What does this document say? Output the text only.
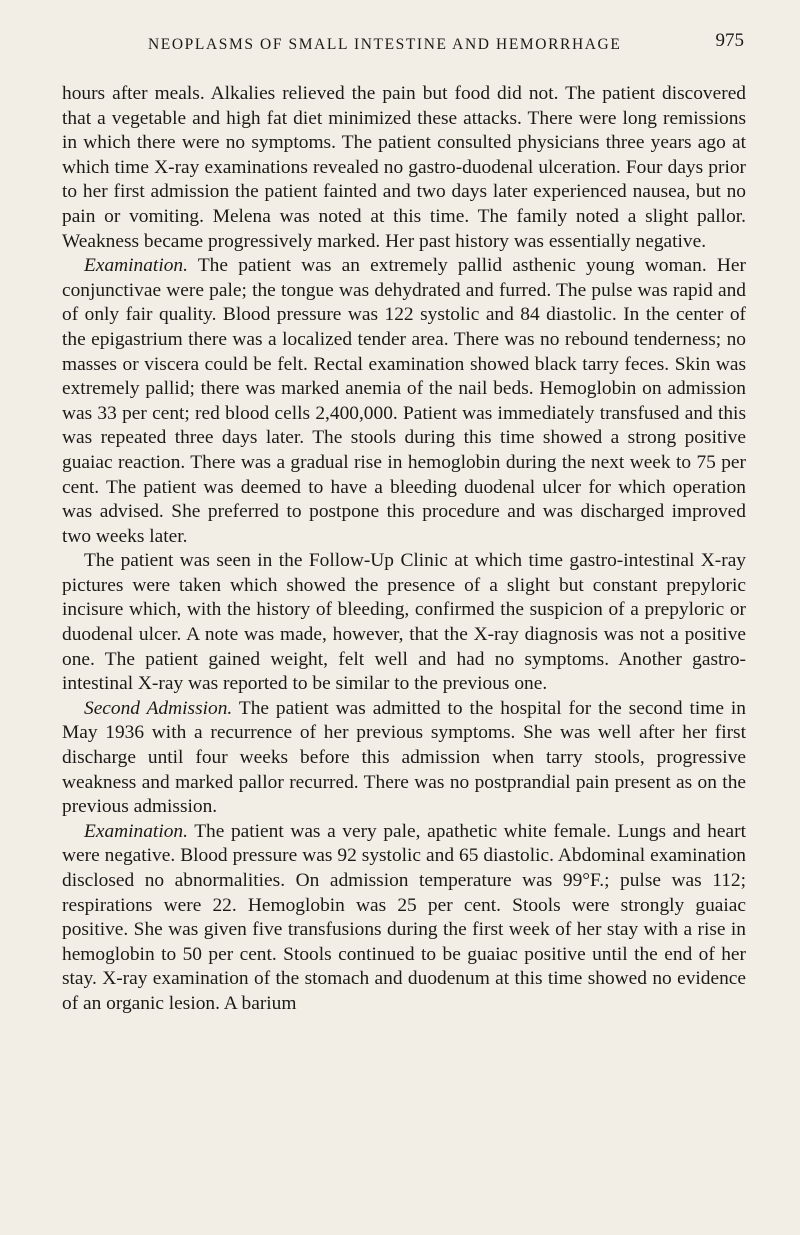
NEOPLASMS OF SMALL INTESTINE AND HEMORRHAGE	975

hours after meals. Alkalies relieved the pain but food did not. The patient discovered that a vegetable and high fat diet minimized these attacks. There were long remissions in which there were no symptoms. The patient consulted physicians three years ago at which time X-ray examinations revealed no gastro-duodenal ulceration. Four days prior to her first admission the patient fainted and two days later experienced nausea, but no pain or vomiting. Melena was noted at this time. The family noted a slight pallor. Weakness became progressively marked. Her past history was essentially negative.

Examination. The patient was an extremely pallid asthenic young woman. Her conjunctivae were pale; the tongue was dehydrated and furred. The pulse was rapid and of only fair quality. Blood pressure was 122 systolic and 84 diastolic. In the center of the epigastrium there was a localized tender area. There was no rebound tenderness; no masses or viscera could be felt. Rectal examination showed black tarry feces. Skin was extremely pallid; there was marked anemia of the nail beds. Hemoglobin on admission was 33 per cent; red blood cells 2,400,000. Patient was immediately transfused and this was repeated three days later. The stools during this time showed a strong positive guaiac reaction. There was a gradual rise in hemoglobin during the next week to 75 per cent. The patient was deemed to have a bleeding duodenal ulcer for which operation was advised. She preferred to postpone this procedure and was discharged improved two weeks later.

The patient was seen in the Follow-Up Clinic at which time gastro-intestinal X-ray pictures were taken which showed the presence of a slight but constant prepyloric incisure which, with the history of bleeding, confirmed the suspicion of a prepyloric or duodenal ulcer. A note was made, however, that the X-ray diagnosis was not a positive one. The patient gained weight, felt well and had no symptoms. Another gastro-intestinal X-ray was reported to be similar to the previous one.

Second Admission. The patient was admitted to the hospital for the second time in May 1936 with a recurrence of her previous symptoms. She was well after her first discharge until four weeks before this admission when tarry stools, progressive weakness and marked pallor recurred. There was no postprandial pain present as on the previous admission.

Examination. The patient was a very pale, apathetic white female. Lungs and heart were negative. Blood pressure was 92 systolic and 65 diastolic. Abdominal examination disclosed no abnormalities. On admission temperature was 99°F.; pulse was 112; respirations were 22. Hemoglobin was 25 per cent. Stools were strongly guaiac positive. She was given five transfusions during the first week of her stay with a rise in hemoglobin to 50 per cent. Stools continued to be guaiac positive until the end of her stay. X-ray examination of the stomach and duodenum at this time showed no evidence of an organic lesion. A barium
